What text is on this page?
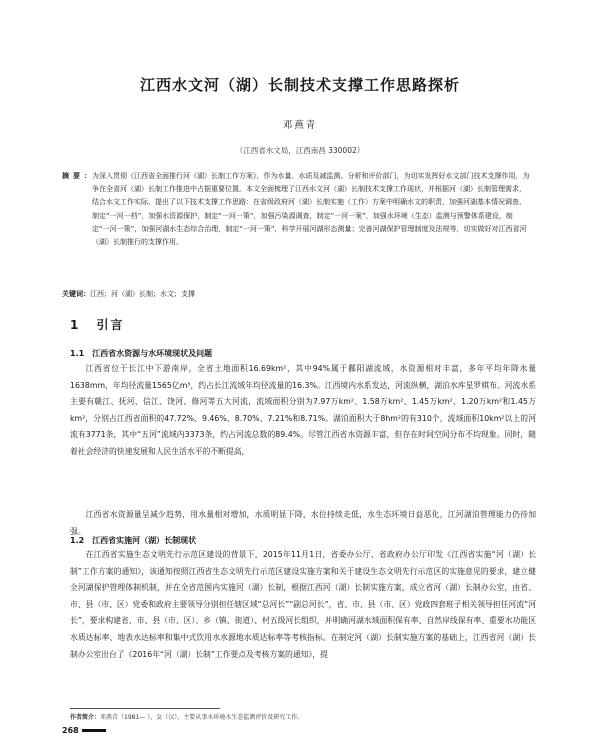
江西水文河（湖）长制技术支撑工作思路探析
邓燕青
（江西省水文局，江西南昌 330002）
摘要：
为深入贯彻《江西省全面推行河（湖）长制工作方案》，作为水量、水质及减监测、分析和评价部门，为切实发挥好水文部门技术支撑作用，为争在全省河（湖）长制工作推进中占据重要位置。本文全面梳理了江西水文河（湖）长制技术支撑工作现状，并根据河（湖）长制管理需求，结合水文工作实际，提出了以下技术支撑工作思路：在省级政府河（湖）长制实施（工作）方案中明确水文的职责，加强河湖基本情况调查，制定“一河一档”，加强水资源保护，制定“一河一策”，加强污染源调查，制定“一河一案”，加强水环境（生态）监测与预警体系建设，制定“一河一策”，加强河湖水生态综合治理，制定“一河一策”，科学开展河湖形态测量；完善河湖保护管理制度及法规等，切实做好对江西省河（湖）长制推行的支撑作用。
关键词：江西；河（湖）长制；水文；支撑
1 引言
1.1 江西省水资源与水环境现状及问题
江西省位于长江中下游南岸，全省土地面积16.69km²，其中94%属于鄱阳湖流域，水资源相对丰富，多年平均年降水量1638mm，年均径流量1565亿m³，约占长江流域年均径流量的16.3%。江西境内水系发达，河流纵横，湖泊水库星罗棋布。河流水系主要有赣江、抚河、信江、饶河、修河等五大河流，流域面积分别为7.97万km²、1.58万km²、1.45万km²、1.20万km²和1.45万km²，分别占江西省面积的47.72%、9.46%、8.70%、7.21%和8.71%。湖泊面积大于8hm²的有310个，流域面积10km²以上的河流有3771条，其中“五河”流域内3373条，约占河流总数的89.4%。尽管江西省水资源丰富，但存在时间空间分布不均现象。同时，随着社会经济的快速发展和人民生活水平的不断提高，
江西省水资源量呈减少趋势，用水量相对增加，水质明显下降，水位持续走低，水生态环境日益恶化，江河湖泊管理能力仍待加强。
1.2 江西省实施河（湖）长制现状
在江西省实施生态文明先行示范区建设的背景下，2015年11月1日，省委办公厅、省政府办公厅印发《江西省实施“河（湖）长制”工作方案的通知》，该通知按照江西省生态文明先行示范区建设实施方案和关于建设生态文明先行示范区的实施意见的要求，建立健全河湖保护管理体制机制，并在全省范围内实施河（湖）长制，根据江西河（湖）长制实施方案，成立省河（湖）长制办公室，由省、市、县（市、区）党委和政府主要领导分别担任辖区域“总河长”“副总河长”，省、市、县（市、区）党政四套班子相关领导担任河流“河长”，要求构建省、市、县（市、区）、乡（镇、街道）、村五级河长组织，并明确河湖水域面积保有率、自然岸线保有率、重要水功能区水质达标率、地表水达标率和集中式饮用水水源地水质达标率等考核指标。在制定河（湖）长制实施方案的基础上，江西省河（湖）长制办公室出台了《2016年“河（湖）长制”工作要点及考核方案的通知》，提
作者简介：邓燕青（1981— ），女（汉），主要从事水环境水生态监测评价及研究工作。
268
